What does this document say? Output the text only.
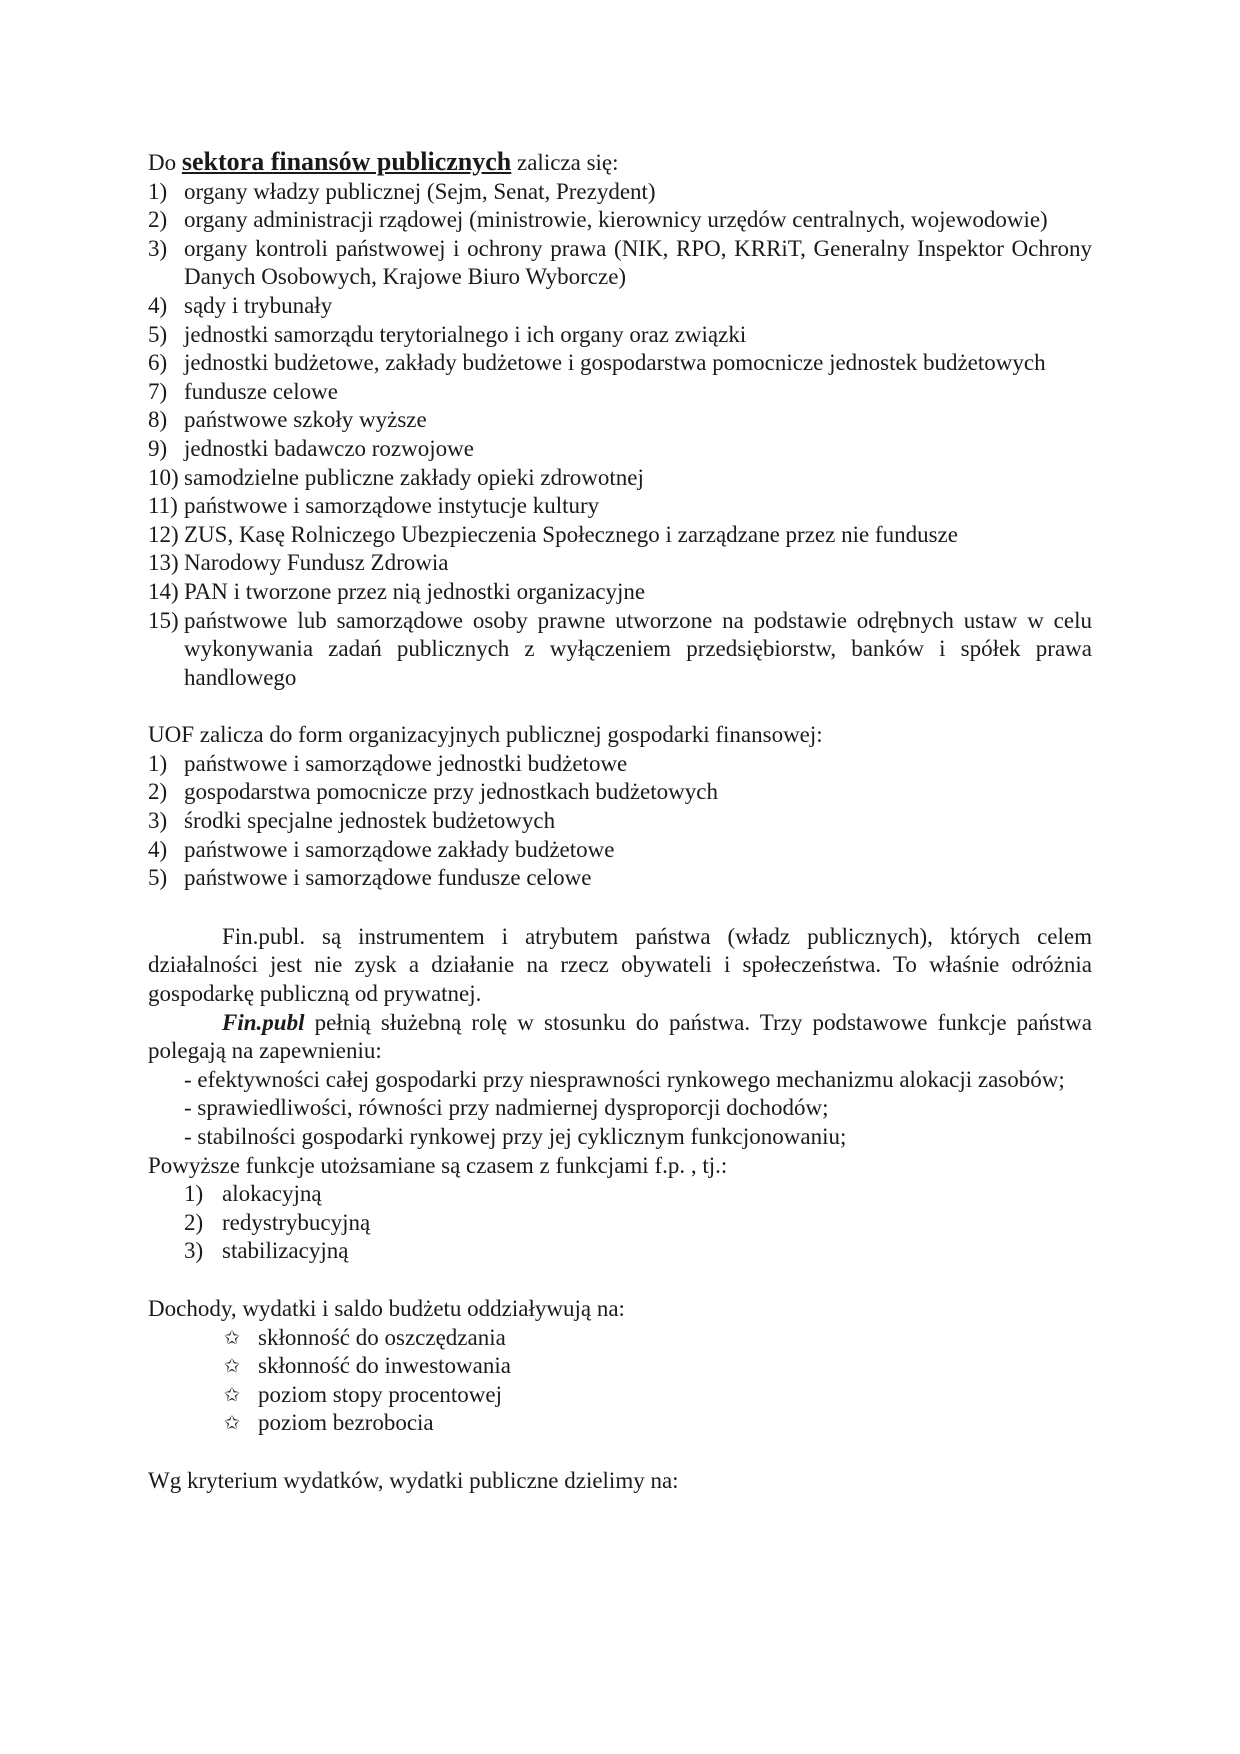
Do sektora finansów publicznych zalicza się:

1) organy władzy publicznej (Sejm, Senat, Prezydent)
2) organy administracji rządowej (ministrowie, kierownicy urzędów centralnych, wojewodowie)
3) organy kontroli państwowej i ochrony prawa (NIK, RPO, KRRiT, Generalny Inspektor Ochrony Danych Osobowych, Krajowe Biuro Wyborcze)
4) sądy i trybunały
5) jednostki samorządu terytorialnego i ich organy oraz związki
6) jednostki budżetowe, zakłady budżetowe i gospodarstwa pomocnicze jednostek budżetowych
7) fundusze celowe
8) państwowe szkoły wyższe
9) jednostki badawczo rozwojowe
10) samodzielne publiczne zakłady opieki zdrowotnej
11) państwowe i samorządowe instytucje kultury
12) ZUS, Kasę Rolniczego Ubezpieczenia Społecznego i zarządzane przez nie fundusze
13) Narodowy Fundusz Zdrowia
14) PAN i tworzone przez nią jednostki organizacyjne
15) państwowe lub samorządowe osoby prawne utworzone na podstawie odrębnych ustaw w celu wykonywania zadań publicznych z wyłączeniem przedsiębiorstw, banków i spółek prawa handlowego

UOF zalicza do form organizacyjnych publicznej gospodarki finansowej:

1) państwowe i samorządowe jednostki budżetowe
2) gospodarstwa pomocnicze przy jednostkach budżetowych
3) środki specjalne jednostek budżetowych
4) państwowe i samorządowe zakłady budżetowe
5) państwowe i samorządowe fundusze celowe

Fin.publ. są instrumentem i atrybutem państwa (władz publicznych), których celem działalności jest nie zysk a działanie na rzecz obywateli i społeczeństwa. To właśnie odróżnia gospodarkę publiczną od prywatnej.

Fin.publ pełnią służebną rolę w stosunku do państwa. Trzy podstawowe funkcje państwa polegają na zapewnieniu:

- efektywności całej gospodarki przy niesprawności rynkowego mechanizmu alokacji zasobów;
- sprawiedliwości, równości przy nadmiernej dysproporcji dochodów;
- stabilności gospodarki rynkowej przy jej cyklicznym funkcjonowaniu;

Powyższe funkcje utożsamiane są czasem z funkcjami f.p. , tj.:

1) alokacyjną
2) redystrybucyjną
3) stabilizacyjną

Dochody, wydatki i saldo budżetu oddziaływują na:

✩ skłonność do oszczędzania
✩ skłonność do inwestowania
✩ poziom stopy procentowej
✩ poziom bezrobocia

Wg kryterium wydatków, wydatki publiczne dzielimy na:
